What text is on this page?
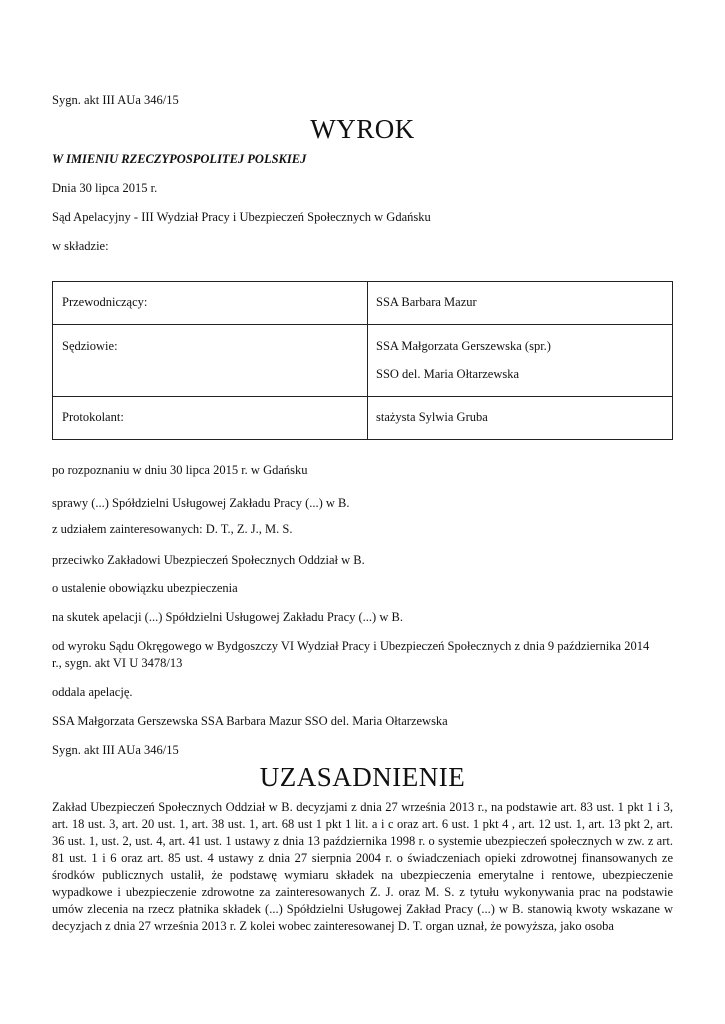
Sygn. akt III AUa 346/15
WYROK
W IMIENIU RZECZYPOSPOLITEJ POLSKIEJ
Dnia 30 lipca 2015 r.
Sąd Apelacyjny - III Wydział Pracy i Ubezpieczeń Społecznych w Gdańsku
w składzie:
Przewodniczący:	SSA Barbara Mazur

Sędziowie:	SSA Małgorzata Gerszewska (spr.)
SSO del. Maria Ołtarzewska

Protokolant:	stażysta Sylwia Gruba
po rozpoznaniu w dniu 30 lipca 2015 r. w Gdańsku
sprawy (...) Spółdzielni Usługowej Zakładu Pracy (...) w B.
z udziałem zainteresowanych: D. T., Z. J., M. S.
przeciwko Zakładowi Ubezpieczeń Społecznych Oddział w B.
o ustalenie obowiązku ubezpieczenia
na skutek apelacji (...) Spółdzielni Usługowej Zakładu Pracy (...) w B.
od wyroku Sądu Okręgowego w Bydgoszczy VI Wydział Pracy i Ubezpieczeń Społecznych z dnia 9 października 2014
r., sygn. akt VI U 3478/13
oddala apelację.
SSA Małgorzata Gerszewska SSA Barbara Mazur SSO del. Maria Ołtarzewska
Sygn. akt III AUa 346/15
UZASADNIENIE
Zakład Ubezpieczeń Społecznych Oddział w B. decyzjami z dnia 27 września 2013 r., na podstawie art. 83 ust. 1 pkt 1 i 3, art. 18 ust. 3, art. 20 ust. 1, art. 38 ust. 1, art. 68 ust 1 pkt 1 lit. a i c oraz art. 6 ust. 1 pkt 4 , art. 12 ust. 1, art. 13 pkt 2, art. 36 ust. 1, ust. 2, ust. 4, art. 41 ust. 1 ustawy z dnia 13 października 1998 r. o systemie ubezpieczeń społecznych w zw. z art. 81 ust. 1 i 6 oraz art. 85 ust. 4 ustawy z dnia 27 sierpnia 2004 r. o świadczeniach opieki zdrowotnej finansowanych ze środków publicznych ustalił, że podstawę wymiaru składek na ubezpieczenia emerytalne i rentowe, ubezpieczenie wypadkowe i ubezpieczenie zdrowotne za zainteresowanych Z. J. oraz M. S. z tytułu wykonywania prac na podstawie umów zlecenia na rzecz płatnika składek (...) Spółdzielni Usługowej Zakład Pracy (...) w B. stanowią kwoty wskazane w decyzjach z dnia 27 września 2013 r. Z kolei wobec zainteresowanej D. T. organ uznał, że powyższa, jako osoba
